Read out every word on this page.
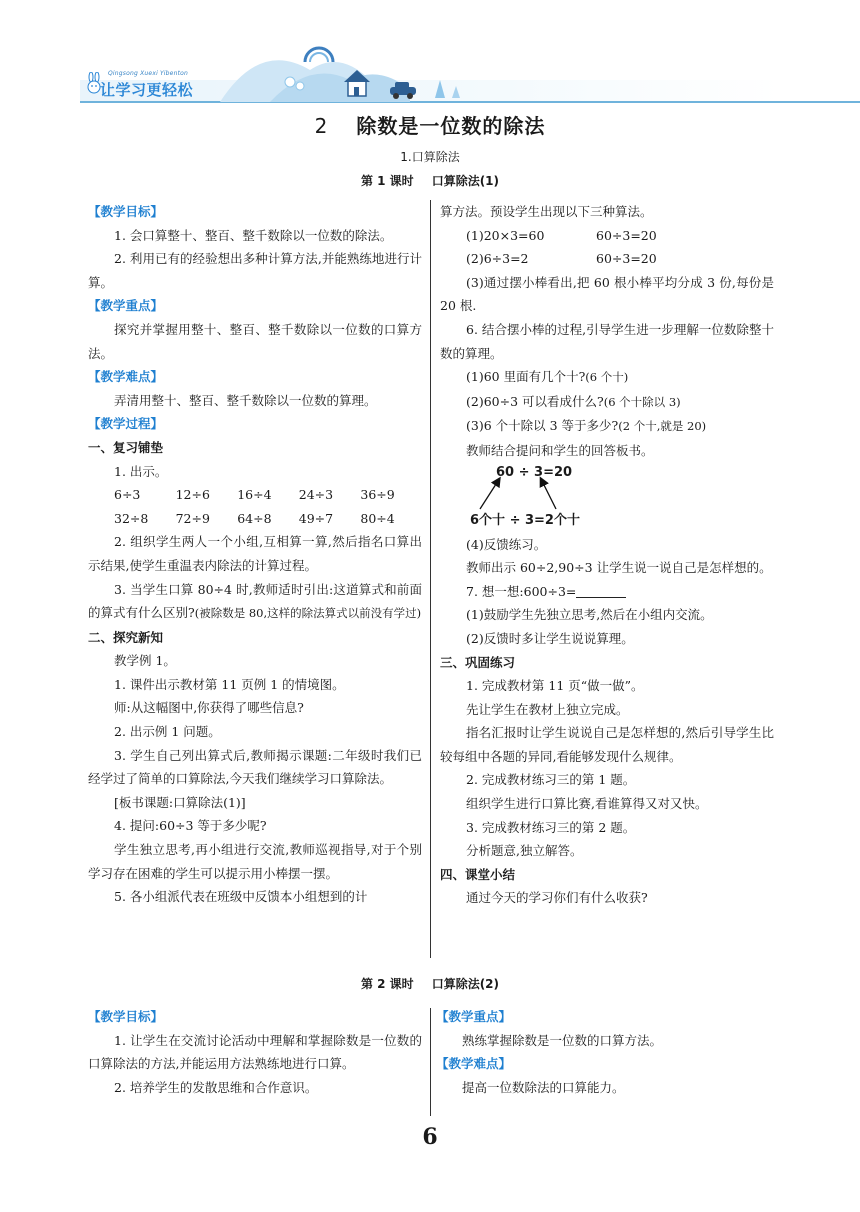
Qingsong Xuexi Yibenton
让学习更轻松
2 除数是一位数的除法
1.口算除法
第 1 课时 口算除法(1)

【教学目标】

1. 会口算整十、整百、整千数除以一位数的除法。

2. 利用已有的经验想出多种计算方法,并能熟练地进行计算。

【教学重点】

探究并掌握用整十、整百、整千数除以一位数的口算方法。

【教学难点】

弄清用整十、整百、整千数除以一位数的算理。

【教学过程】

一、复习铺垫

1. 出示。

6÷3	12÷6	16÷4	24÷3	36÷9
32÷8	72÷9	64÷8	49÷7	80÷4

2. 组织学生两人一个小组,互相算一算,然后指名口算出示结果,使学生重温表内除法的计算过程。

3. 当学生口算 80÷4 时,教师适时引出:这道算式和前面的算式有什么区别?(被除数是 80,这样的除法算式以前没有学过)

二、探究新知

教学例 1。

1. 课件出示教材第 11 页例 1 的情境图。

师:从这幅图中,你获得了哪些信息?

2. 出示例 1 问题。

3. 学生自己列出算式后,教师揭示课题:二年级时我们已经学过了简单的口算除法,今天我们继续学习口算除法。

[板书课题:口算除法(1)]

4. 提问:60÷3 等于多少呢?

学生独立思考,再小组进行交流,教师巡视指导,对于个别学习存在困难的学生可以提示用小棒摆一摆。

5. 各小组派代表在班级中反馈本小组想到的计

算方法。预设学生出现以下三种算法。

(1)20×3=60	60÷3=20
(2)6÷3=2	60÷3=20

(3)通过摆小棒看出,把 60 根小棒平均分成 3 份,每份是 20 根.

6. 结合摆小棒的过程,引导学生进一步理解一位数除整十数的算理。

(1)60 里面有几个十?(6 个十)

(2)60÷3 可以看成什么?(6 个十除以 3)

(3)6 个十除以 3 等于多少?(2 个十,就是 20)

教师结合提问和学生的回答板书。

60 ÷ 3=20
6个十 ÷ 3=2个十

(4)反馈练习。

教师出示 60÷2,90÷3 让学生说一说自己是怎样想的。

7. 想一想:600÷3=

(1)鼓励学生先独立思考,然后在小组内交流。

(2)反馈时多让学生说说算理。

三、巩固练习

1. 完成教材第 11 页“做一做”。

先让学生在教材上独立完成。

指名汇报时让学生说说自己是怎样想的,然后引导学生比较每组中各题的异同,看能够发现什么规律。

2. 完成教材练习三的第 1 题。

组织学生进行口算比赛,看谁算得又对又快。

3. 完成教材练习三的第 2 题。

分析题意,独立解答。

四、课堂小结

通过今天的学习你们有什么收获?

第 2 课时 口算除法(2)

【教学目标】

1. 让学生在交流讨论活动中理解和掌握除数是一位数的口算除法的方法,并能运用方法熟练地进行口算。

2. 培养学生的发散思维和合作意识。

【教学重点】

熟练掌握除数是一位数的口算方法。

【教学难点】

提高一位数除法的口算能力。

6
